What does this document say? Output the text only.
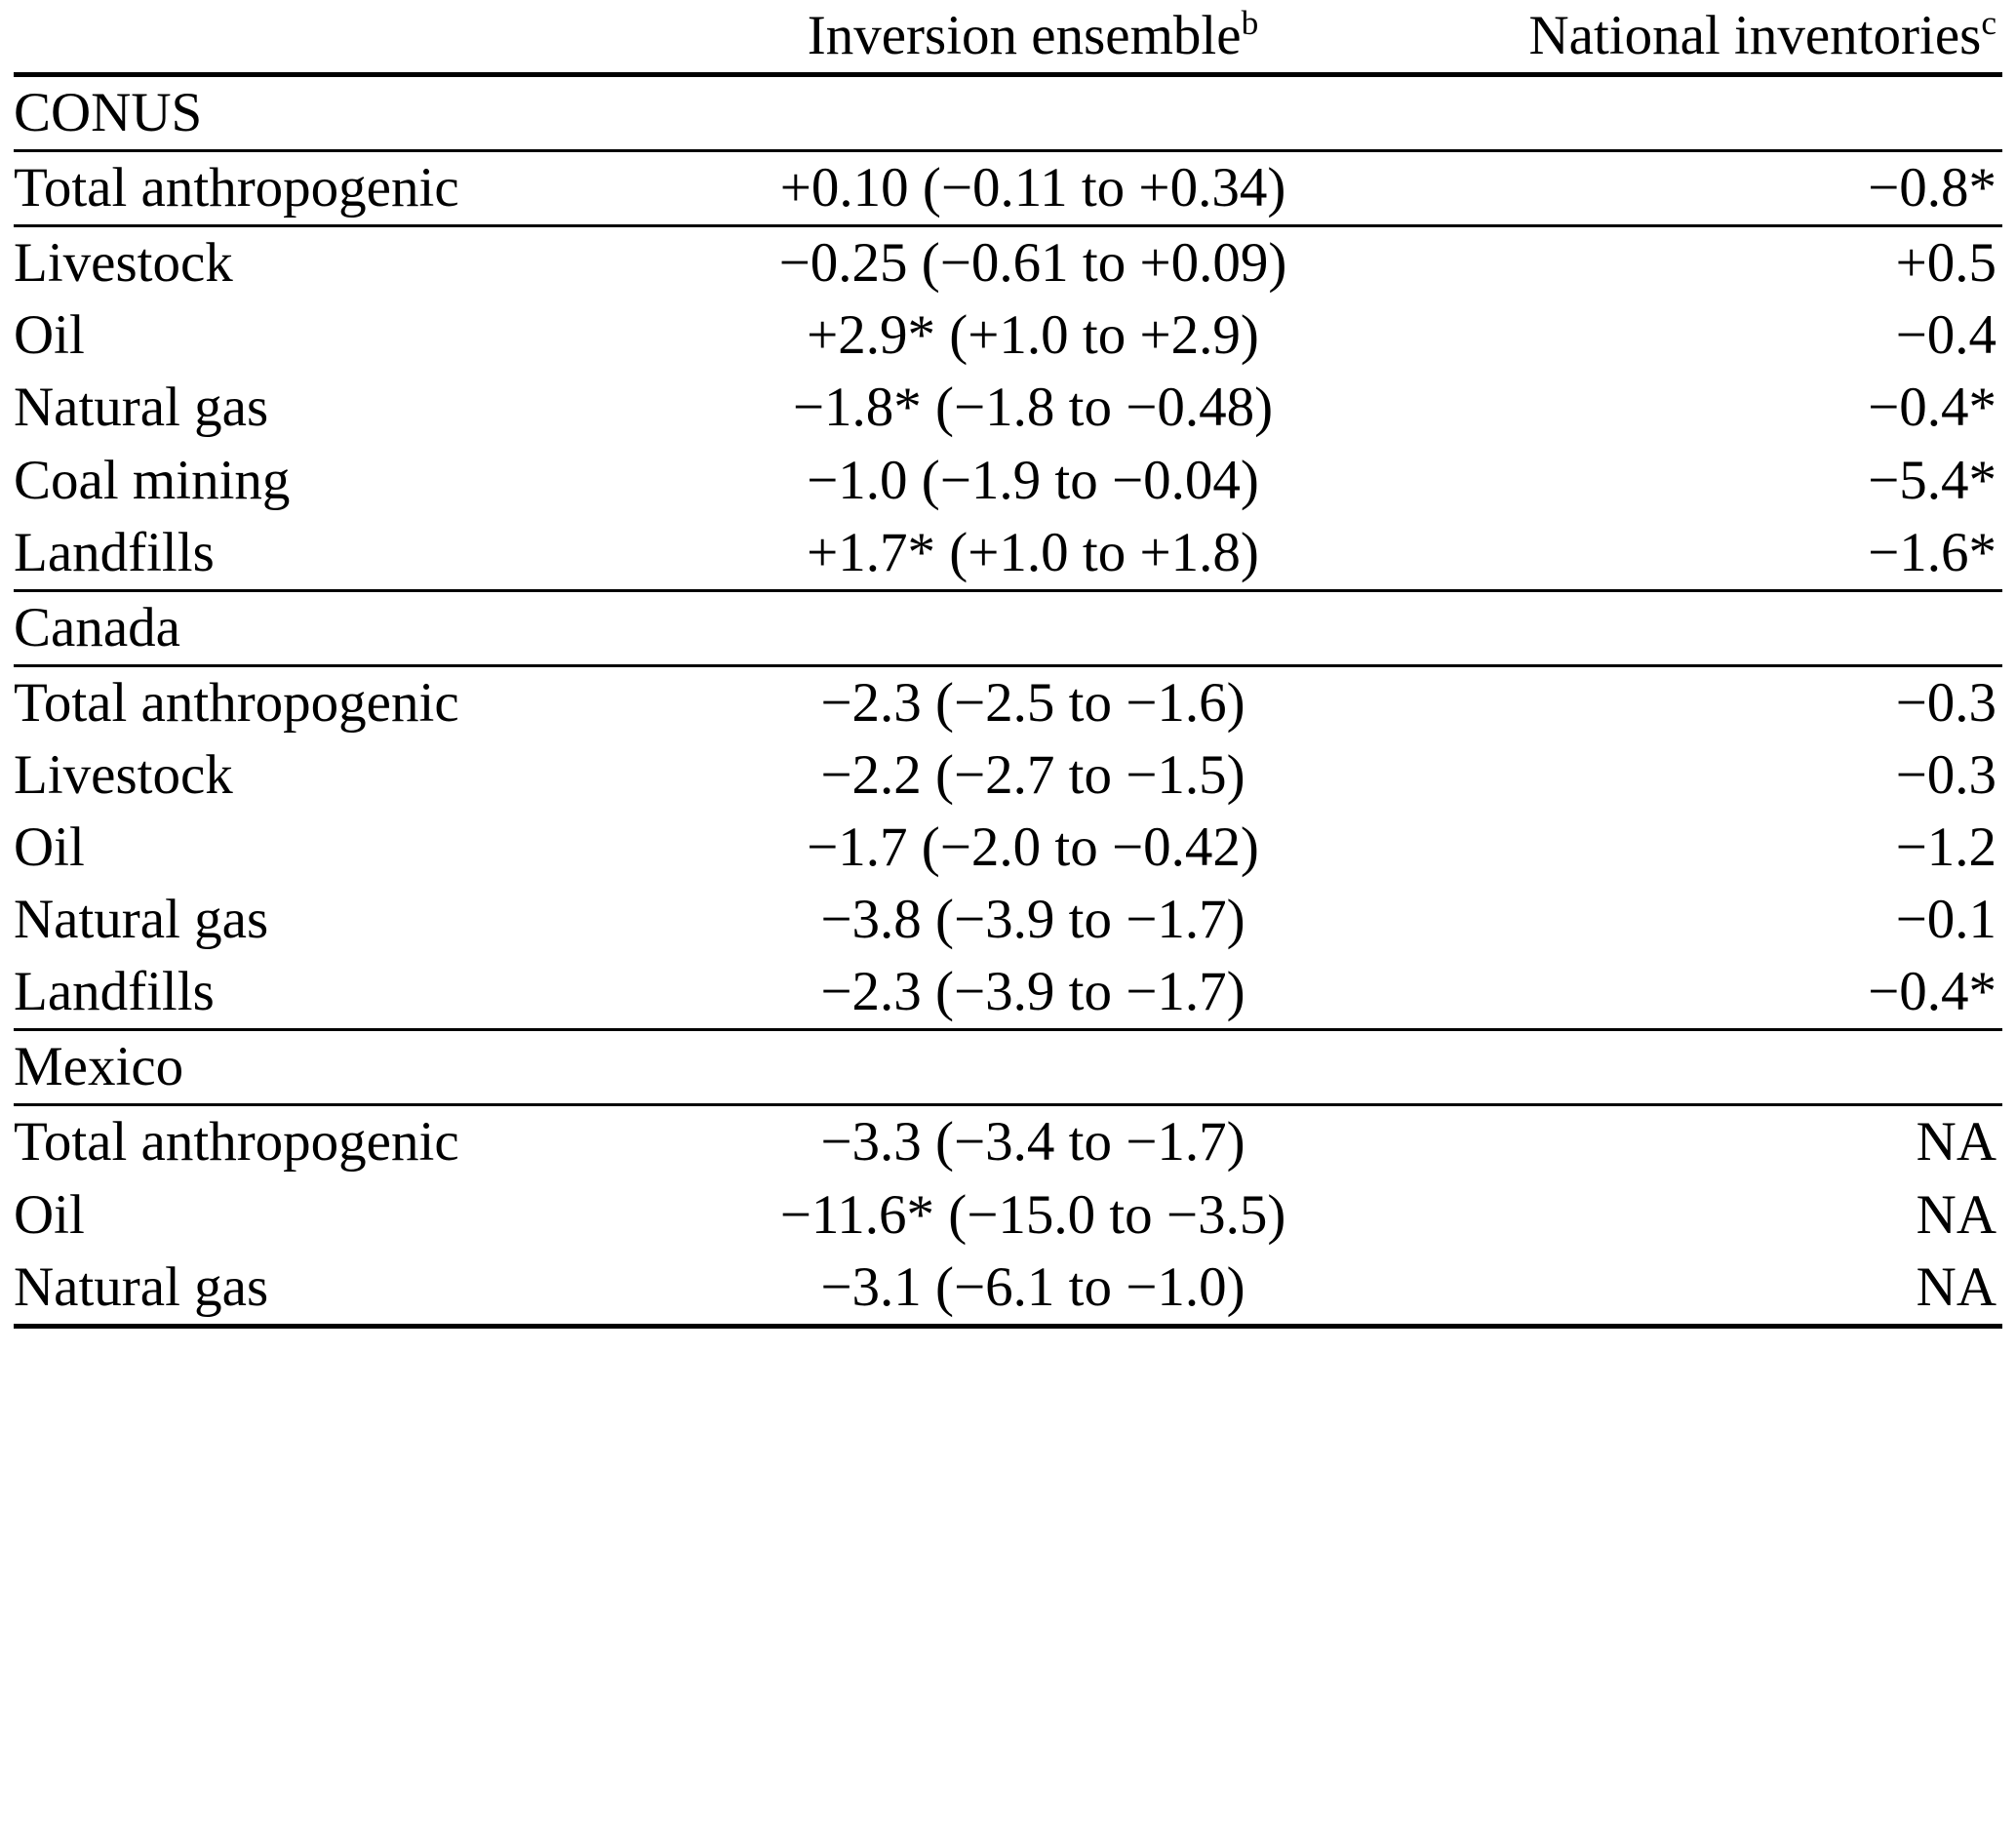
	Inversion ensemble$^b$	National inventories$^c$

CONUS		

Total anthropogenic	+0.10 (−0.11 to +0.34)	−0.8*

Livestock	−0.25 (−0.61 to +0.09)	+0.5
Oil	+2.9* (+1.0 to +2.9)	−0.4
Natural gas	−1.8* (−1.8 to −0.48)	−0.4*
Coal mining	−1.0 (−1.9 to −0.04)	−5.4*
Landfills	+1.7* (+1.0 to +1.8)	−1.6*

Canada		

Total anthropogenic	−2.3 (−2.5 to −1.6)	−0.3
Livestock	−2.2 (−2.7 to −1.5)	−0.3
Oil	−1.7 (−2.0 to −0.42)	−1.2
Natural gas	−3.8 (−3.9 to −1.7)	−0.1
Landfills	−2.3 (−3.9 to −1.7)	−0.4*

Mexico		

Total anthropogenic	−3.3 (−3.4 to −1.7)	NA
Oil	−11.6* (−15.0 to −3.5)	NA
Natural gas	−3.1 (−6.1 to −1.0)	NA
